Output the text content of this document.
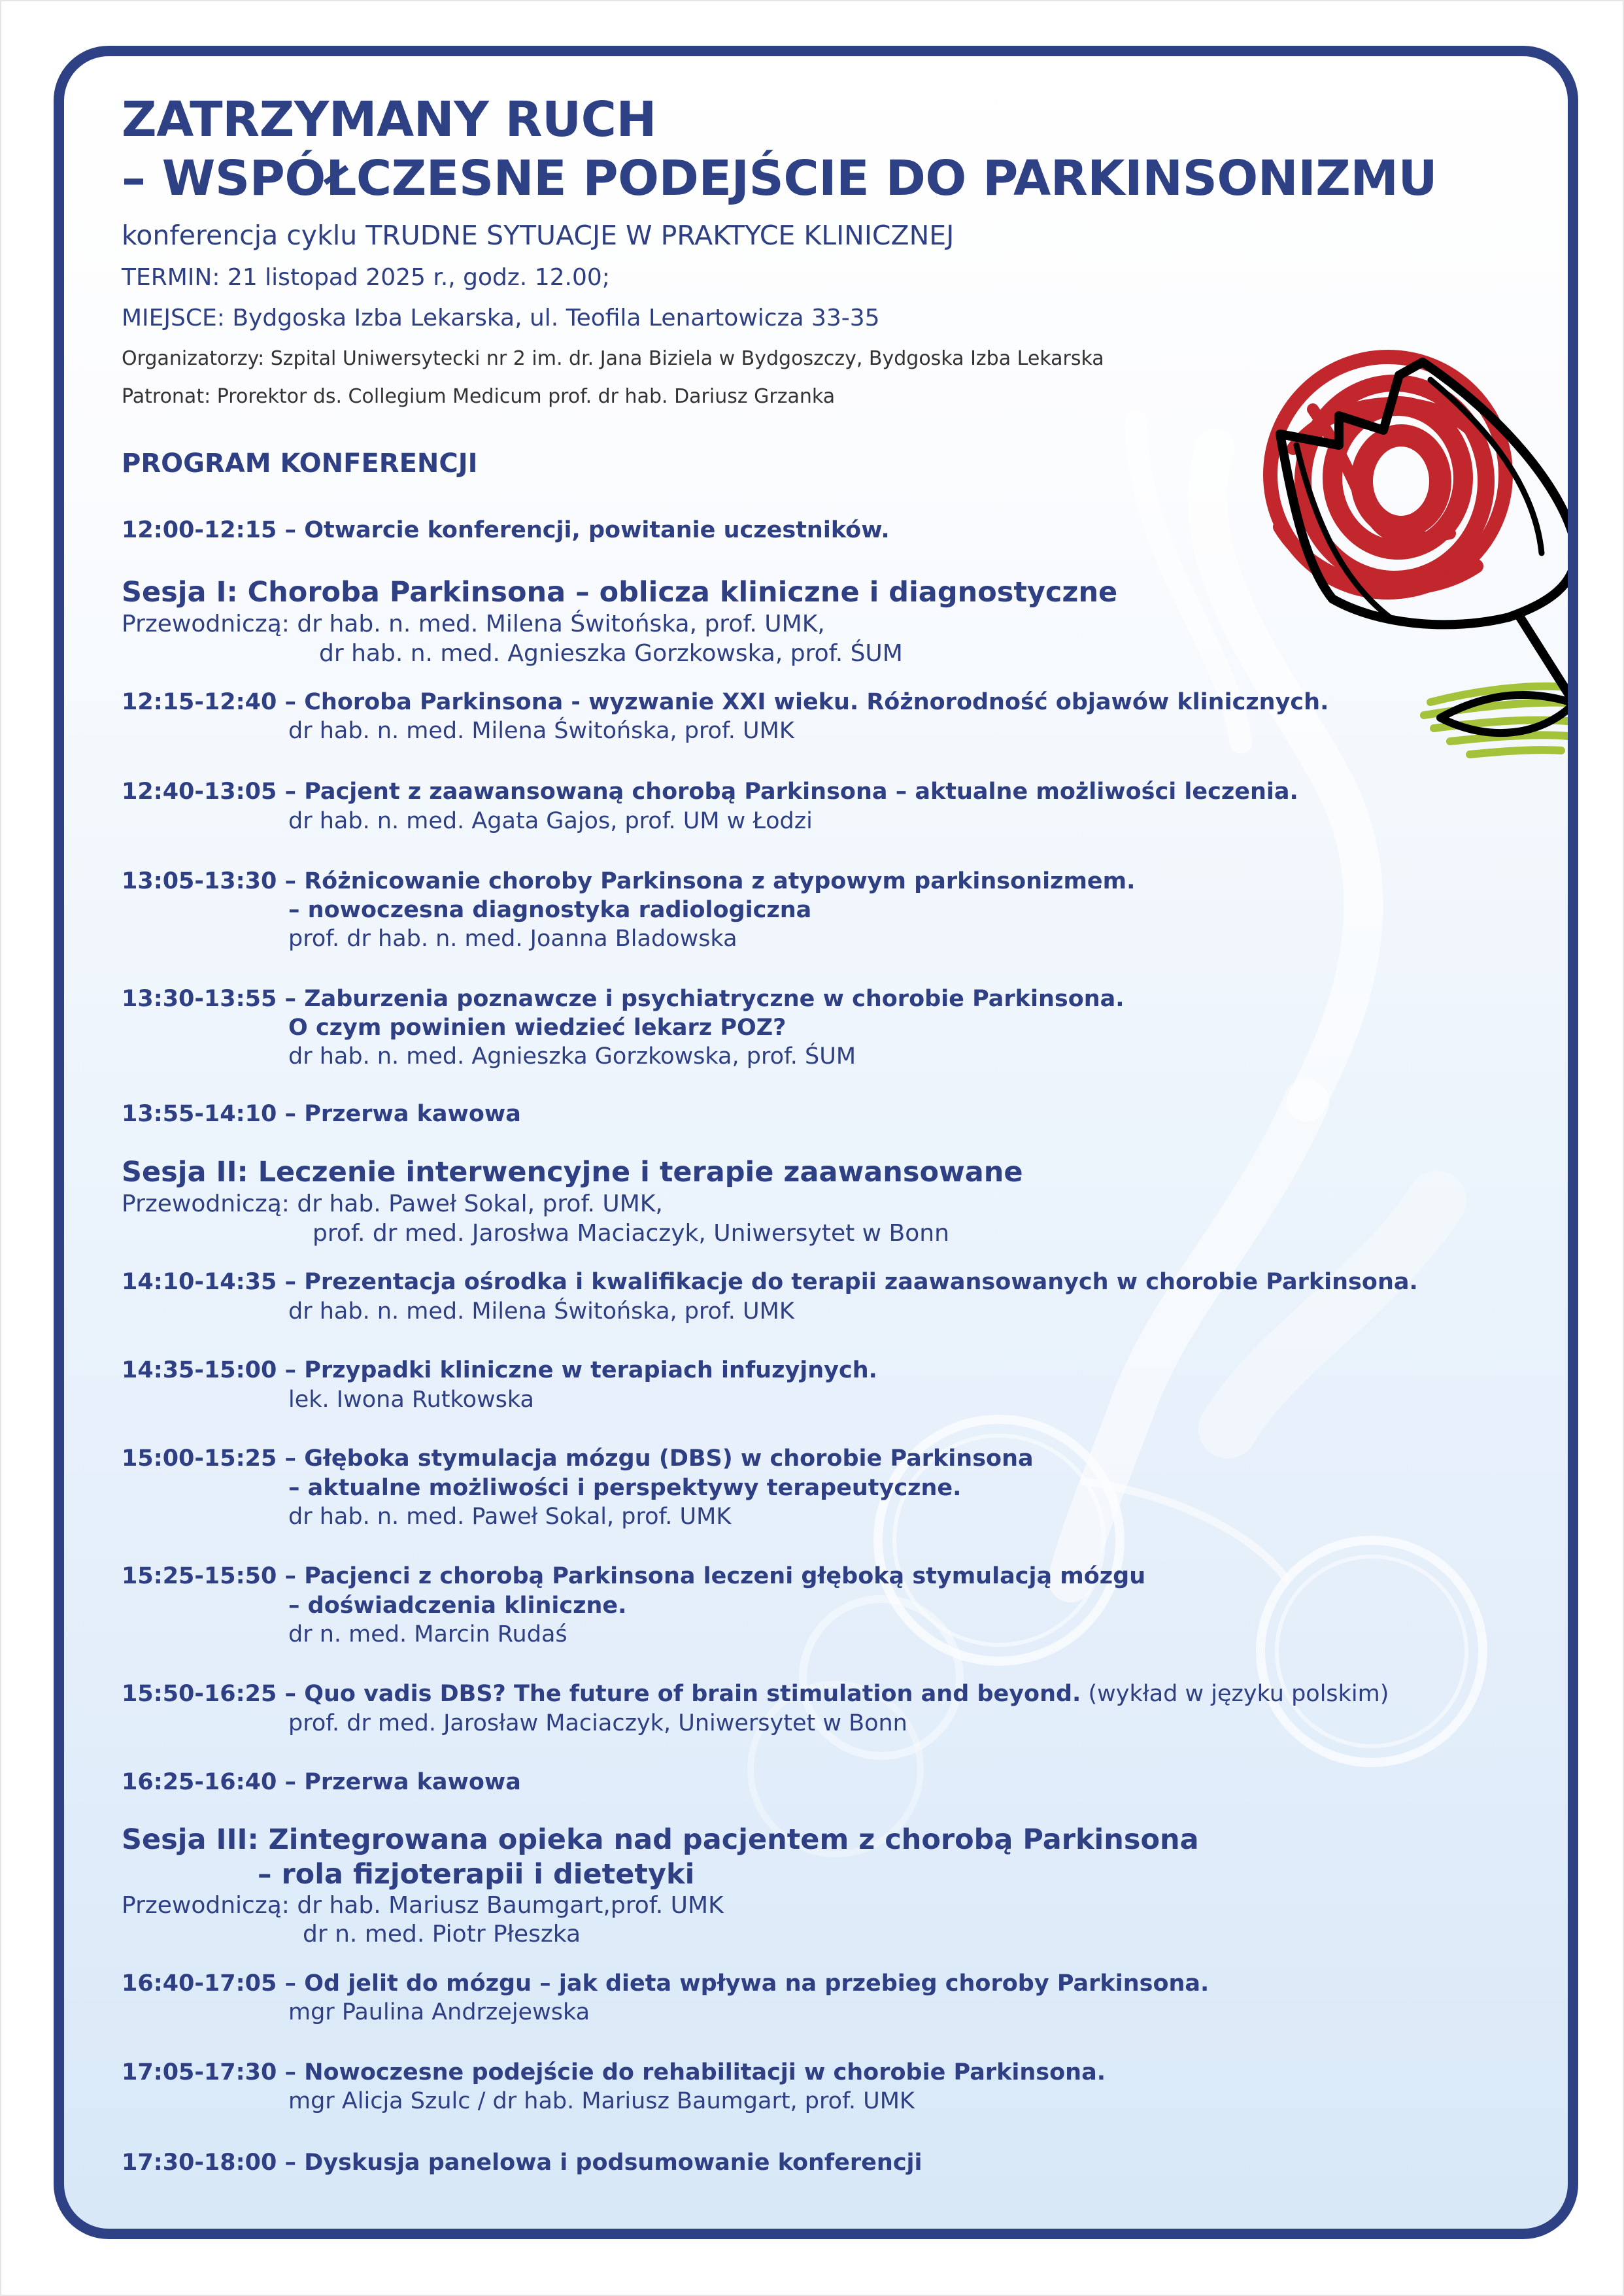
ZATRZYMANY RUCH
– WSPÓŁCZESNE PODEJŚCIE DO PARKINSONIZMU
konferencja cyklu TRUDNE SYTUACJE W PRAKTYCE KLINICZNEJ
TERMIN: 21 listopad 2025 r., godz. 12.00;
MIEJSCE: Bydgoska Izba Lekarska, ul. Teofila Lenartowicza 33-35
Organizatorzy: Szpital Uniwersytecki nr 2 im. dr. Jana Biziela w Bydgoszczy, Bydgoska Izba Lekarska
Patronat: Prorektor ds. Collegium Medicum prof. dr hab. Dariusz Grzanka
PROGRAM KONFERENCJI
12:00-12:15 – Otwarcie konferencji, powitanie uczestników.
Sesja I: Choroba Parkinsona – oblicza kliniczne i diagnostyczne
Przewodniczą: dr hab. n. med. Milena Świtońska, prof. UMK,
dr hab. n. med. Agnieszka Gorzkowska, prof. ŚUM
12:15-12:40 – Choroba Parkinsona - wyzwanie XXI wieku. Różnorodność objawów klinicznych.
dr hab. n. med. Milena Świtońska, prof. UMK
12:40-13:05 – Pacjent z zaawansowaną chorobą Parkinsona – aktualne możliwości leczenia.
dr hab. n. med. Agata Gajos, prof. UM w Łodzi
13:05-13:30 – Różnicowanie choroby Parkinsona z atypowym parkinsonizmem.
– nowoczesna diagnostyka radiologiczna
prof. dr hab. n. med. Joanna Bladowska
13:30-13:55 – Zaburzenia poznawcze i psychiatryczne w chorobie Parkinsona.
O czym powinien wiedzieć lekarz POZ?
dr hab. n. med. Agnieszka Gorzkowska, prof. ŚUM
13:55-14:10 – Przerwa kawowa
Sesja II: Leczenie interwencyjne i terapie zaawansowane
Przewodniczą: dr hab. Paweł Sokal, prof. UMK,
prof. dr med. Jarosłwa Maciaczyk, Uniwersytet w Bonn
14:10-14:35 – Prezentacja ośrodka i kwalifikacje do terapii zaawansowanych w chorobie Parkinsona.
dr hab. n. med. Milena Świtońska, prof. UMK
14:35-15:00 – Przypadki kliniczne w terapiach infuzyjnych.
lek. Iwona Rutkowska
15:00-15:25 – Głęboka stymulacja mózgu (DBS) w chorobie Parkinsona
– aktualne możliwości i perspektywy terapeutyczne.
dr hab. n. med. Paweł Sokal, prof. UMK
15:25-15:50 – Pacjenci z chorobą Parkinsona leczeni głęboką stymulacją mózgu
– doświadczenia kliniczne.
dr n. med. Marcin Rudaś
15:50-16:25 – Quo vadis DBS? The future of brain stimulation and beyond. (wykład w języku polskim)
prof. dr med. Jarosław Maciaczyk, Uniwersytet w Bonn
16:25-16:40 – Przerwa kawowa
Sesja III: Zintegrowana opieka nad pacjentem z chorobą Parkinsona
– rola fizjoterapii i dietetyki
Przewodniczą: dr hab. Mariusz Baumgart,prof. UMK
dr n. med. Piotr Płeszka
16:40-17:05 – Od jelit do mózgu – jak dieta wpływa na przebieg choroby Parkinsona.
mgr Paulina Andrzejewska
17:05-17:30 – Nowoczesne podejście do rehabilitacji w chorobie Parkinsona.
mgr Alicja Szulc / dr hab. Mariusz Baumgart, prof. UMK
17:30-18:00 – Dyskusja panelowa i podsumowanie konferencji
